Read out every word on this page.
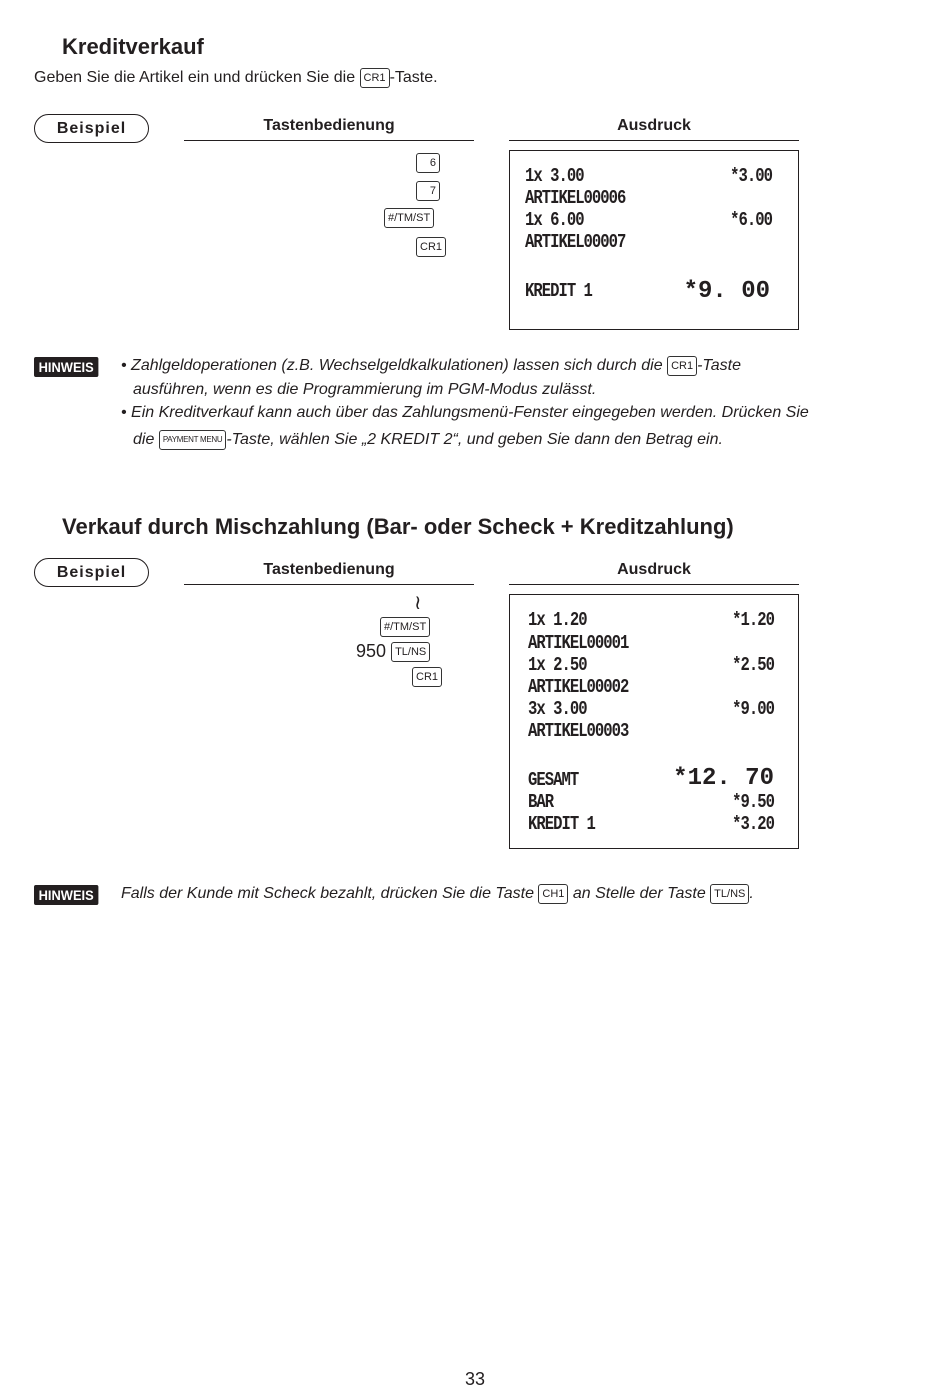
Kreditverkauf
Geben Sie die Artikel ein und drücken Sie die CR1 -Taste.
Beispiel	Tastenbedienung	Ausdruck
6
7
#/TM/ST
CR1
1x 3.00	*3.00
ARTIKEL00006
1x 6.00	*6.00
ARTIKEL00007
KREDIT 1	*9. 00
HINWEIS • Zahlgeldoperationen (z.B. Wechselgeldkalkulationen) lassen sich durch die CR1 -Taste
ausführen, wenn es die Programmierung im PGM-Modus zulässt.
• Ein Kreditverkauf kann auch über das Zahlungsmenü-Fenster eingegeben werden. Drücken Sie
die PAYMENT MENU -Taste, wählen Sie „2 KREDIT 2“, und geben Sie dann den Betrag ein.
Verkauf durch Mischzahlung (Bar- oder Scheck + Kreditzahlung)
Beispiel	Tastenbedienung	Ausdruck
≀
#/TM/ST
950 TL/NS
CR1
1x 1.20	*1.20
ARTIKEL00001
1x 2.50	*2.50
ARTIKEL00002
3x 3.00	*9.00
ARTIKEL00003
GESAMT	*12. 70
BAR	*9.50
KREDIT 1	*3.20
HINWEIS Falls der Kunde mit Scheck bezahlt, drücken Sie die Taste CH1 an Stelle der Taste TL/NS .
33
